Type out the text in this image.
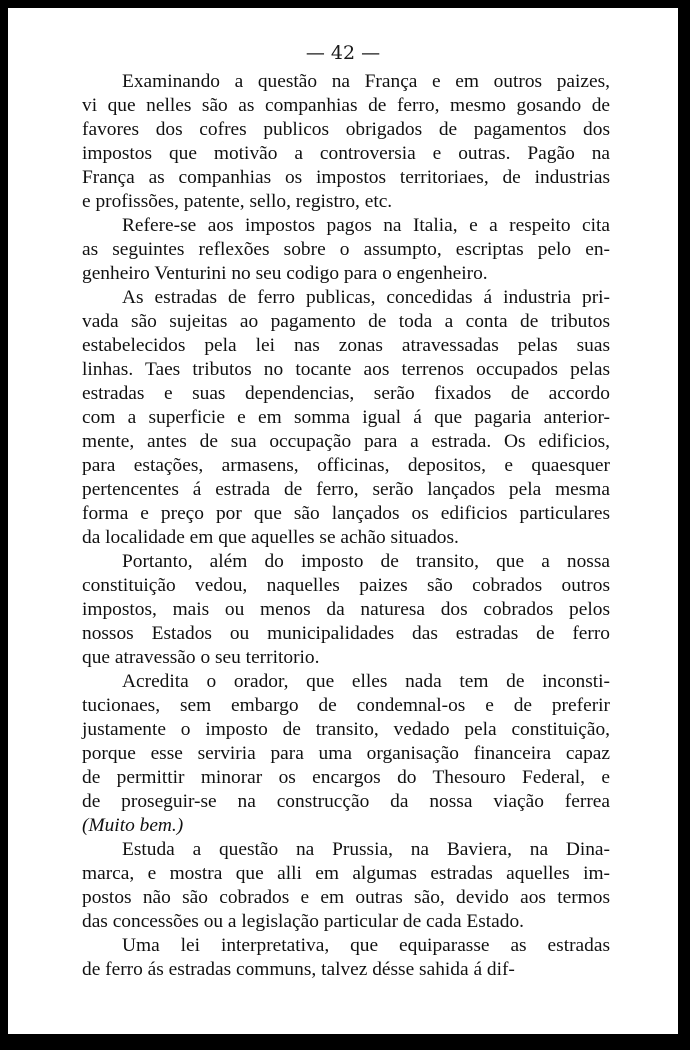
— 42 —
Examinando a questão na França e em outros paizes,
vi que nelles são as companhias de ferro, mesmo gosando de
favores dos cofres publicos obrigados de pagamentos dos
impostos que motivão a controversia e outras. Pagão na
França as companhias os impostos territoriaes, de industrias
e profissões, patente, sello, registro, etc.
Refere-se aos impostos pagos na Italia, e a respeito cita
as seguintes reflexões sobre o assumpto, escriptas pelo en-
genheiro Venturini no seu codigo para o engenheiro.
As estradas de ferro publicas, concedidas á industria pri-
vada são sujeitas ao pagamento de toda a conta de tributos
estabelecidos pela lei nas zonas atravessadas pelas suas
linhas. Taes tributos no tocante aos terrenos occupados pelas
estradas e suas dependencias, serão fixados de accordo
com a superficie e em somma igual á que pagaria anterior-
mente, antes de sua occupação para a estrada. Os edificios,
para estações, armasens, officinas, depositos, e quaesquer
pertencentes á estrada de ferro, serão lançados pela mesma
forma e preço por que são lançados os edificios particulares
da localidade em que aquelles se achão situados.
Portanto, além do imposto de transito, que a nossa
constituição vedou, naquelles paizes são cobrados outros
impostos, mais ou menos da naturesa dos cobrados pelos
nossos Estados ou municipalidades das estradas de ferro
que atravessão o seu territorio.
Acredita o orador, que elles nada tem de inconsti-
tucionaes, sem embargo de condemnal-os e de preferir
justamente o imposto de transito, vedado pela constituição,
porque esse serviria para uma organisação financeira capaz
de permittir minorar os encargos do Thesouro Federal, e
de proseguir-se na construcção da nossa viação ferrea
(Muito bem.)
Estuda a questão na Prussia, na Baviera, na Dina-
marca, e mostra que alli em algumas estradas aquelles im-
postos não são cobrados e em outras são, devido aos termos
das concessões ou a legislação particular de cada Estado.
Uma lei interpretativa, que equiparasse as estradas
de ferro ás estradas communs, talvez désse sahida á dif-
